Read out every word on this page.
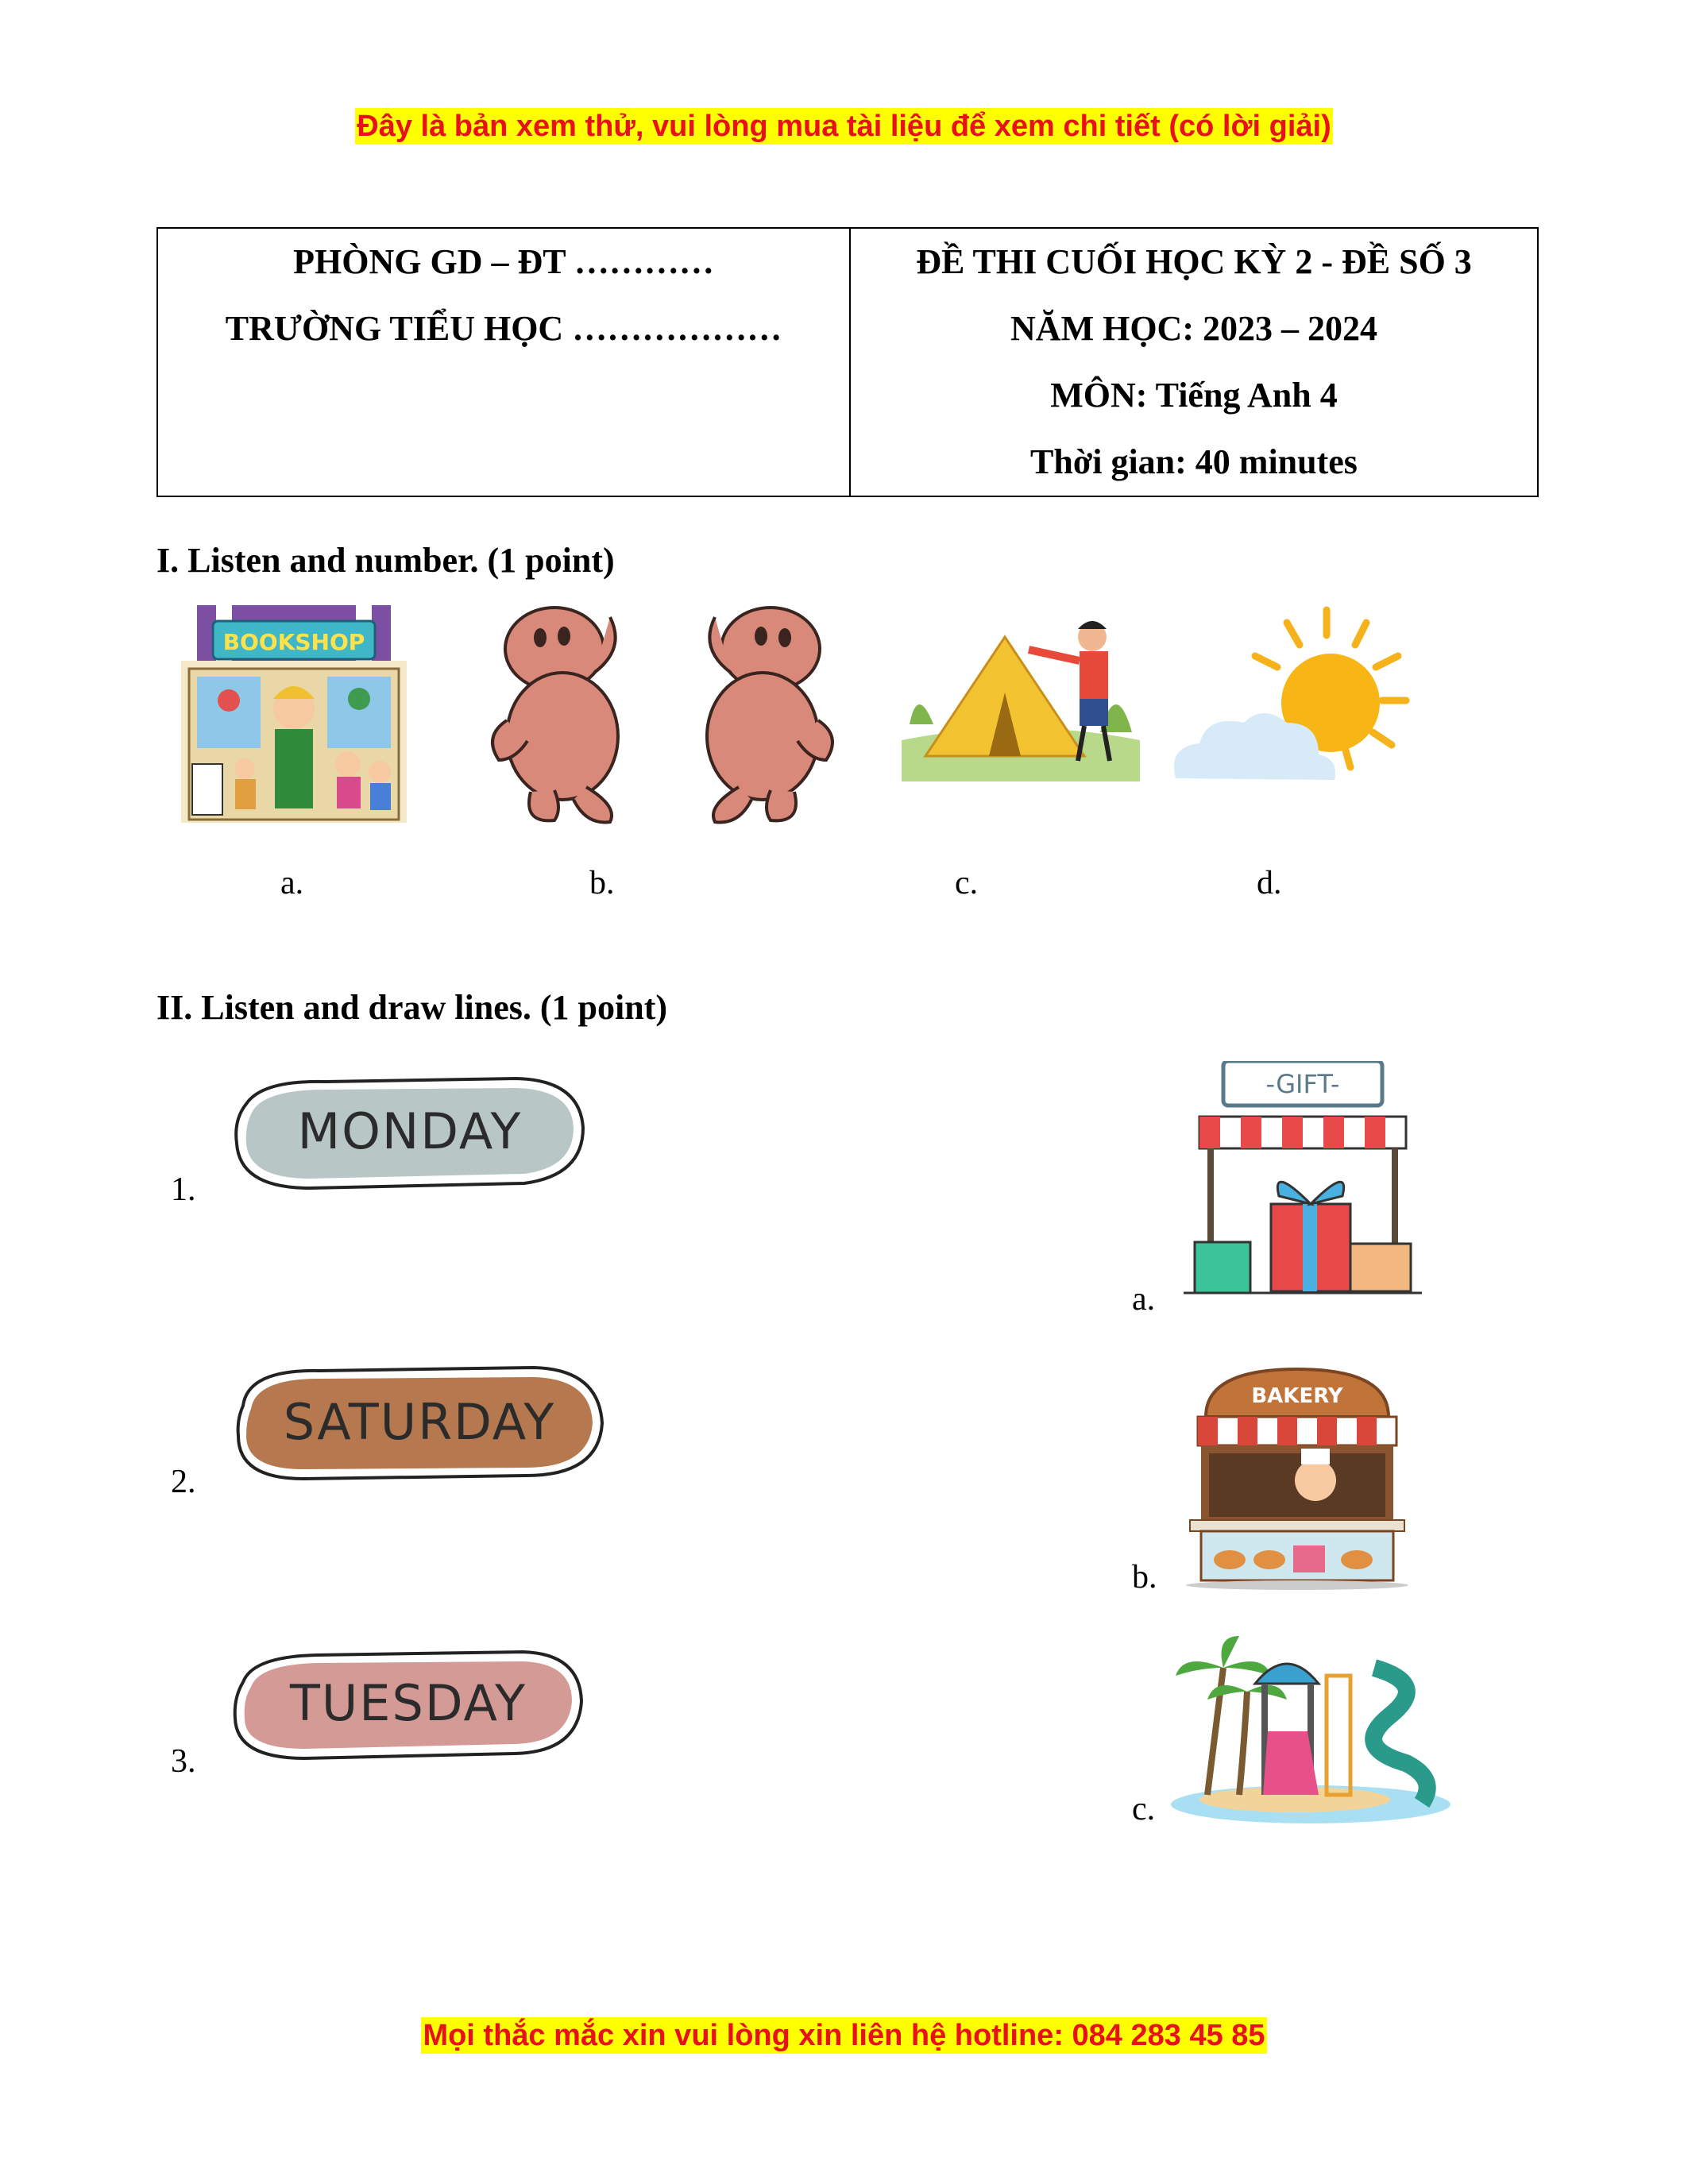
Đây là bản xem thử, vui lòng mua tài liệu để xem chi tiết (có lời giải)
PHÒNG GD – ĐT …………
TRƯỜNG TIỂU HỌC ………………

ĐỀ THI CUỐI HỌC KỲ 2 - ĐỀ SỐ 3
NĂM HỌC: 2023 – 2024
MÔN: Tiếng Anh 4
Thời gian: 40 minutes
I. Listen and number. (1 point)
BOOKSHOP
a.	b.	c.	d.
II. Listen and draw lines. (1 point)
MONDAY
1.
SATURDAY
2.
TUESDAY
3.
-GIFT-
a.
BAKERY
b.
c.
Mọi thắc mắc xin vui lòng xin liên hệ hotline: 084 283 45 85
